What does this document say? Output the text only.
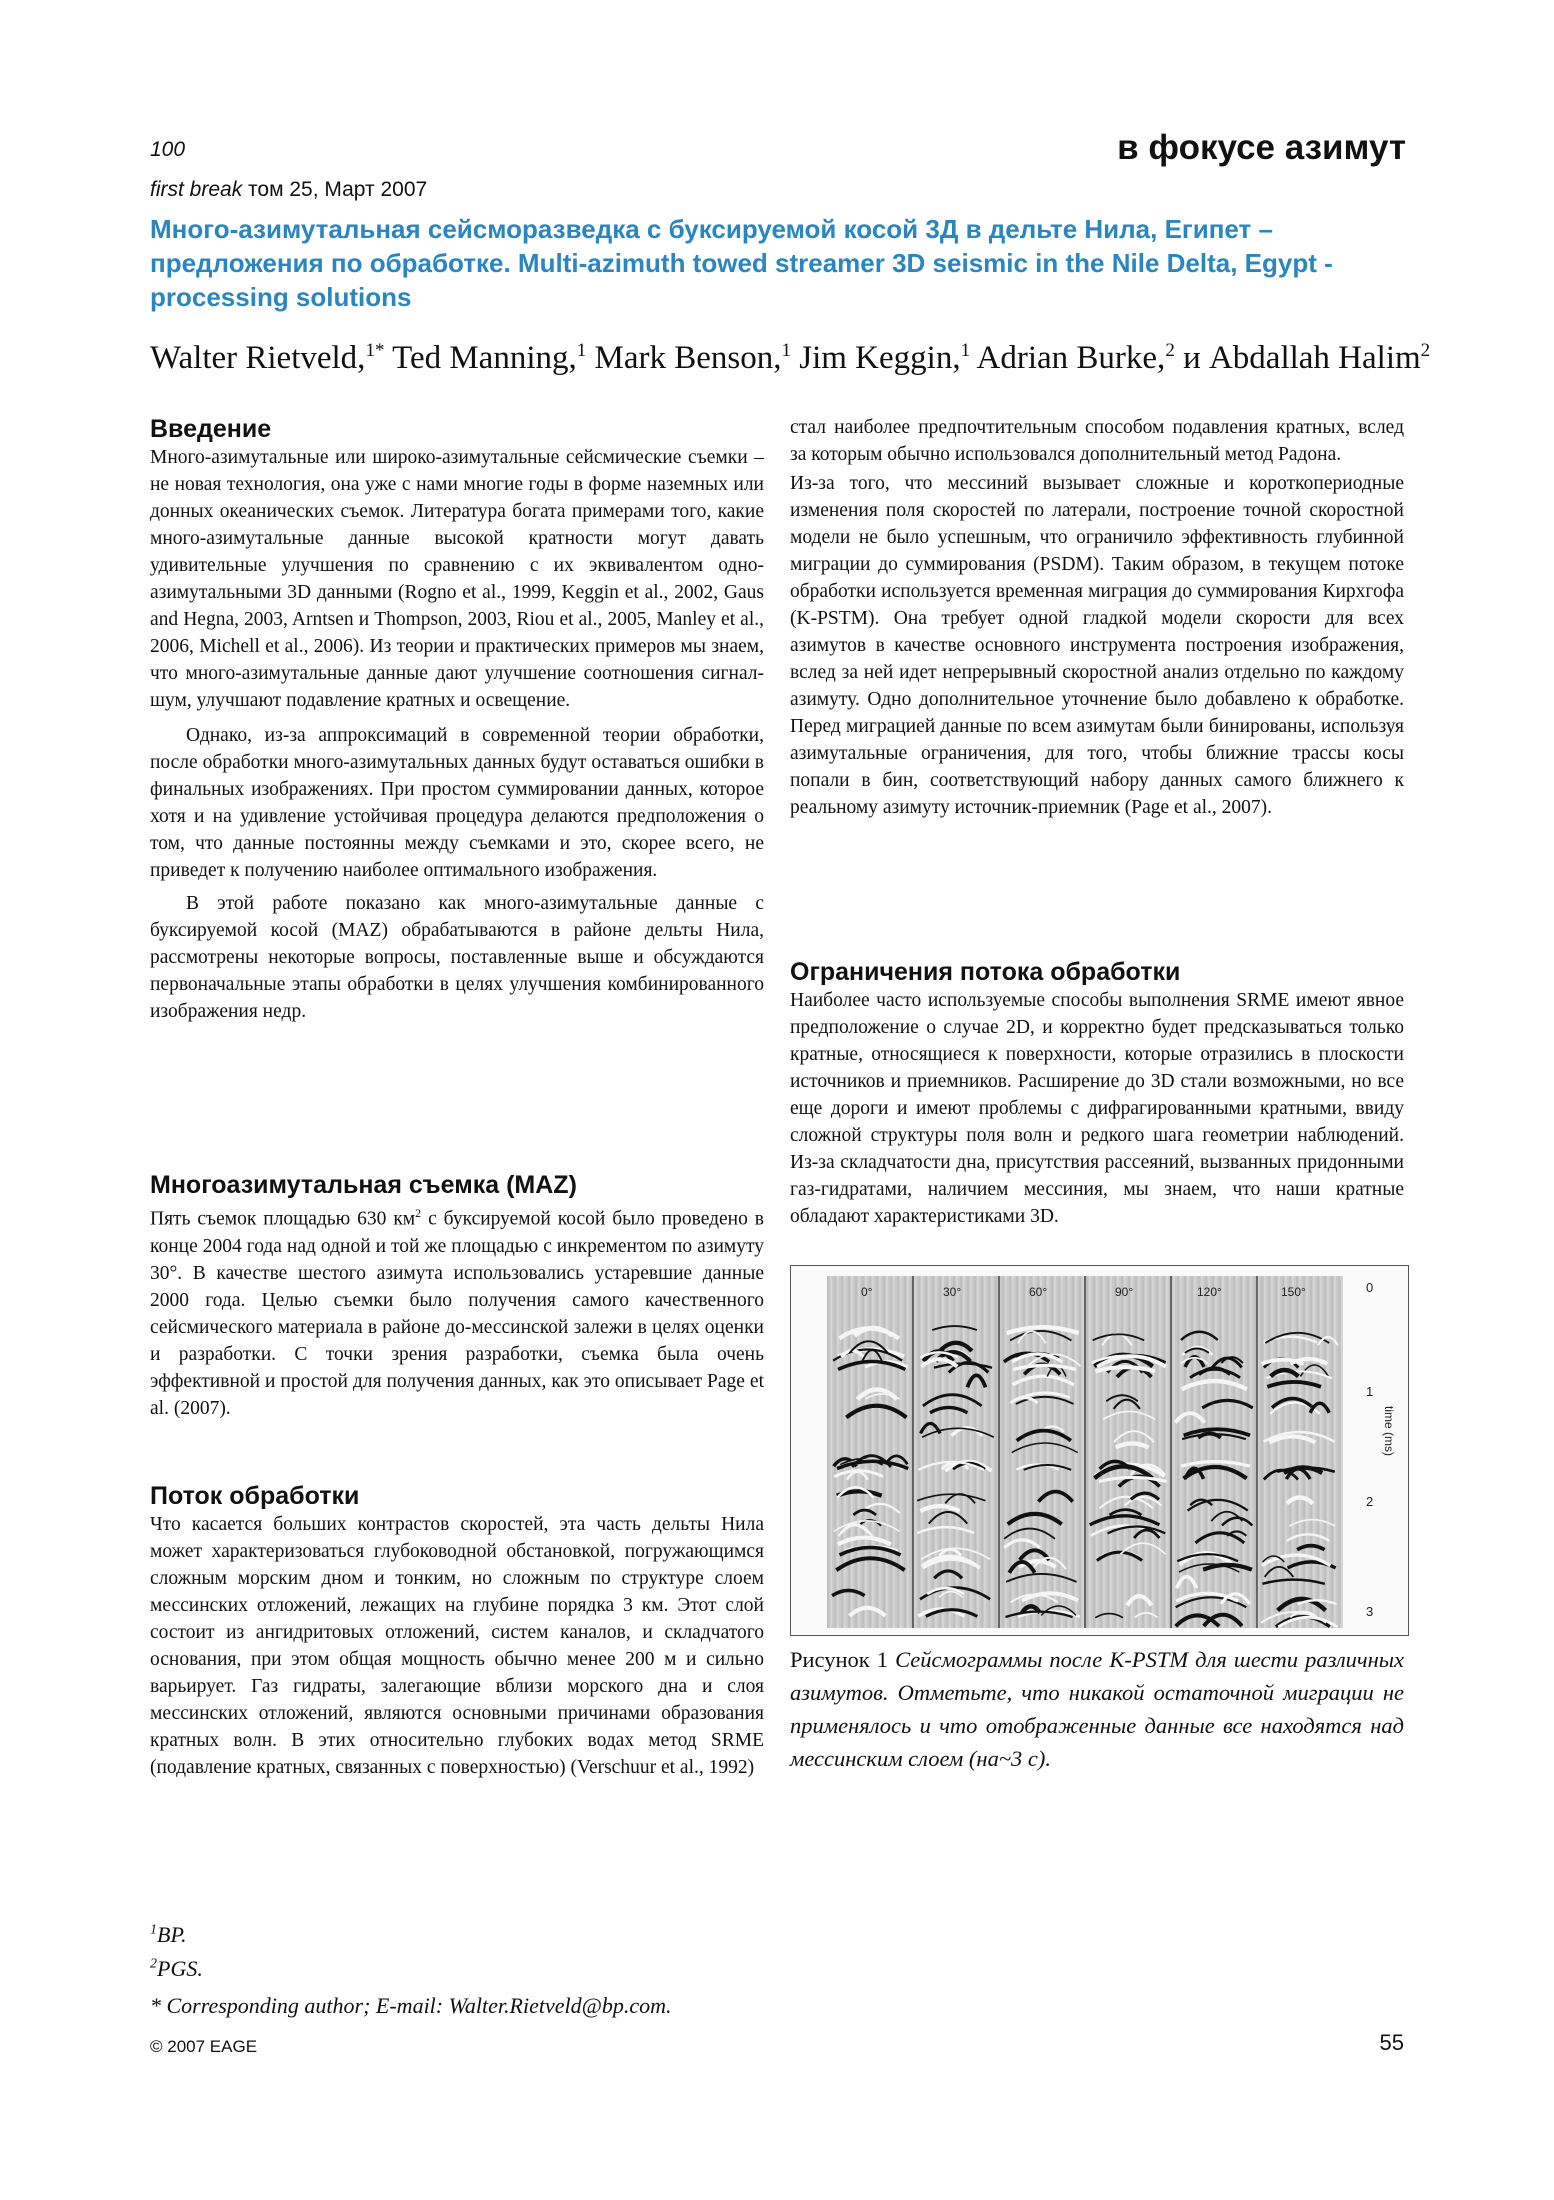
100
first break том 25, Март 2007
в фокусе азимут
Много-азимутальная сейсморазведка с буксируемой косой 3Д в дельте Нила, Египет – предложения по обработке. Multi-azimuth towed streamer 3D seismic in the Nile Delta, Egypt - processing solutions
Walter Rietveld,$^{1*}$ Ted Manning,$^1$ Mark Benson,$^1$ Jim Keggin,$^1$ Adrian Burke,$^2$ и Abdallah Halim$^2$
Введение

Много-азимутальные или широко-азимутальные сейсмические съемки – не новая технология, она уже с нами многие годы в форме наземных или донных океанических съемок. Литература богата примерами того, какие много-азимутальные данные высокой кратности могут давать удивительные улучшения по сравнению с их эквивалентом одно-азимутальными 3D данными (Rogno et al., 1999, Keggin et al., 2002, Gaus and Hegna, 2003, Arntsen и Thompson, 2003, Riou et al., 2005, Manley et al., 2006, Michell et al., 2006). Из теории и практических примеров мы знаем, что много-азимутальные данные дают улучшение соотношения сигнал-шум, улучшают подавление кратных и освещение.

Однако, из-за аппроксимаций в современной теории обработки, после обработки много-азимутальных данных будут оставаться ошибки в финальных изображениях. При простом суммировании данных, которое хотя и на удивление устойчивая процедура делаются предположения о том, что данные постоянны между съемками и это, скорее всего, не приведет к получению наиболее оптимального изображения.

В этой работе показано как много-азимутальные данные с буксируемой косой (MAZ) обрабатываются в районе дельты Нила, рассмотрены некоторые вопросы, поставленные выше и обсуждаются первоначальные этапы обработки в целях улучшения комбинированного изображения недр.

Многоазимутальная съемка (MAZ)

Пять съемок площадью 630 $км^2$ с буксируемой косой было проведено в конце 2004 года над одной и той же площадью с инкрементом по азимуту 30°. В качестве шестого азимута использовались устаревшие данные 2000 года. Целью съемки было получения самого качественного сейсмического материала в районе до-мессинской залежи в целях оценки и разработки. С точки зрения разработки, съемка была очень эффективной и простой для получения данных, как это описывает Page et al. (2007).

Поток обработки

Что касается больших контрастов скоростей, эта часть дельты Нила может характеризоваться глубоководной обстановкой, погружающимся сложным морским дном и тонким, но сложным по структуре слоем мессинских отложений, лежащих на глубине порядка 3 км. Этот слой состоит из ангидритовых отложений, систем каналов, и складчатого основания, при этом общая мощность обычно менее 200 м и сильно варьирует. Газ гидраты, залегающие вблизи морского дна и слоя мессинских отложений, являются основными причинами образования кратных волн. В этих относительно глубоких водах метод SRME (подавление кратных, связанных с поверхностью) (Verschuur et al., 1992)

стал наиболее предпочтительным способом подавления кратных, вслед за которым обычно использовался дополнительный метод Радона.

Из-за того, что мессиний вызывает сложные и короткопериодные изменения поля скоростей по латерали, построение точной скоростной модели не было успешным, что ограничило эффективность глубинной миграции до суммирования (PSDM). Таким образом, в текущем потоке обработки используется временная миграция до суммирования Кирхгофа (K-PSTM). Она требует одной гладкой модели скорости для всех азимутов в качестве основного инструмента построения изображения, вслед за ней идет непрерывный скоростной анализ отдельно по каждому азимуту. Одно дополнительное уточнение было добавлено к обработке. Перед миграцией данные по всем азимутам были бинированы, используя азимутальные ограничения, для того, чтобы ближние трассы косы попали в бин, соответствующий набору данных самого ближнего к реальному азимуту источник-приемник (Page et al., 2007).

Ограничения потока обработки

Наиболее часто используемые способы выполнения SRME имеют явное предположение о случае 2D, и корректно будет предсказываться только кратные, относящиеся к поверхности, которые отразились в плоскости источников и приемников. Расширение до 3D стали возможными, но все еще дороги и имеют проблемы с дифрагированными кратными, ввиду сложной структуры поля волн и редкого шага геометрии наблюдений. Из-за складчатости дна, присутствия рассеяний, вызванных придонными газ-гидратами, наличием мессиния, мы знаем, что наши кратные обладают характеристиками 3D.

0°	30°	60°	90°	120°	150°	0
1
2
3
time (ms)
Рисунок 1 Сейсмограммы после K-PSTM для шести различных азимутов. Отметьте, что никакой остаточной миграции не применялось и что отображенные данные все находятся над мессинским слоем (на~3 с).
$^1$BP.
$^2$PGS.
* Corresponding author; E-mail: Walter.Rietveld@bp.com.
© 2007 EAGE	55
